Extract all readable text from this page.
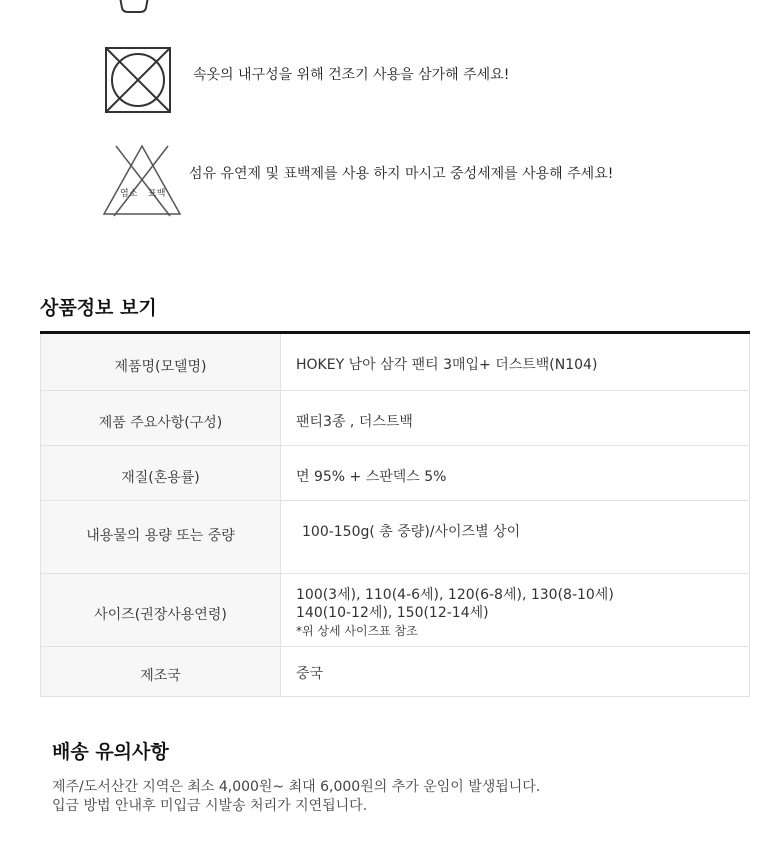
속옷의 내구성을 위해 건조기 사용을 삼가해 주세요!
염소 표백
섬유 유연제 및 표백제를 사용 하지 마시고 중성세제를 사용해 주세요!
상품정보 보기
제품명(모델명)	HOKEY 남아 삼각 팬티 3매입+ 더스트백(N104)
제품 주요사항(구성)	팬티3종 , 더스트백
재질(혼용률)	면 95% + 스판덱스 5%
내용물의 용량 또는 중량	100-150g( 총 중량)/사이즈별 상이
사이즈(권장사용연령)	100(3세), 110(4-6세), 120(6-8세), 130(8-10세)
140(10-12세), 150(12-14세)
*위 상세 사이즈표 참조

제조국	중국
배송 유의사항
제주/도서산간 지역은 최소 4,000원~ 최대 6,000원의 추가 운임이 발생됩니다.
입금 방법 안내후 미입금 시발송 처리가 지연됩니다.
